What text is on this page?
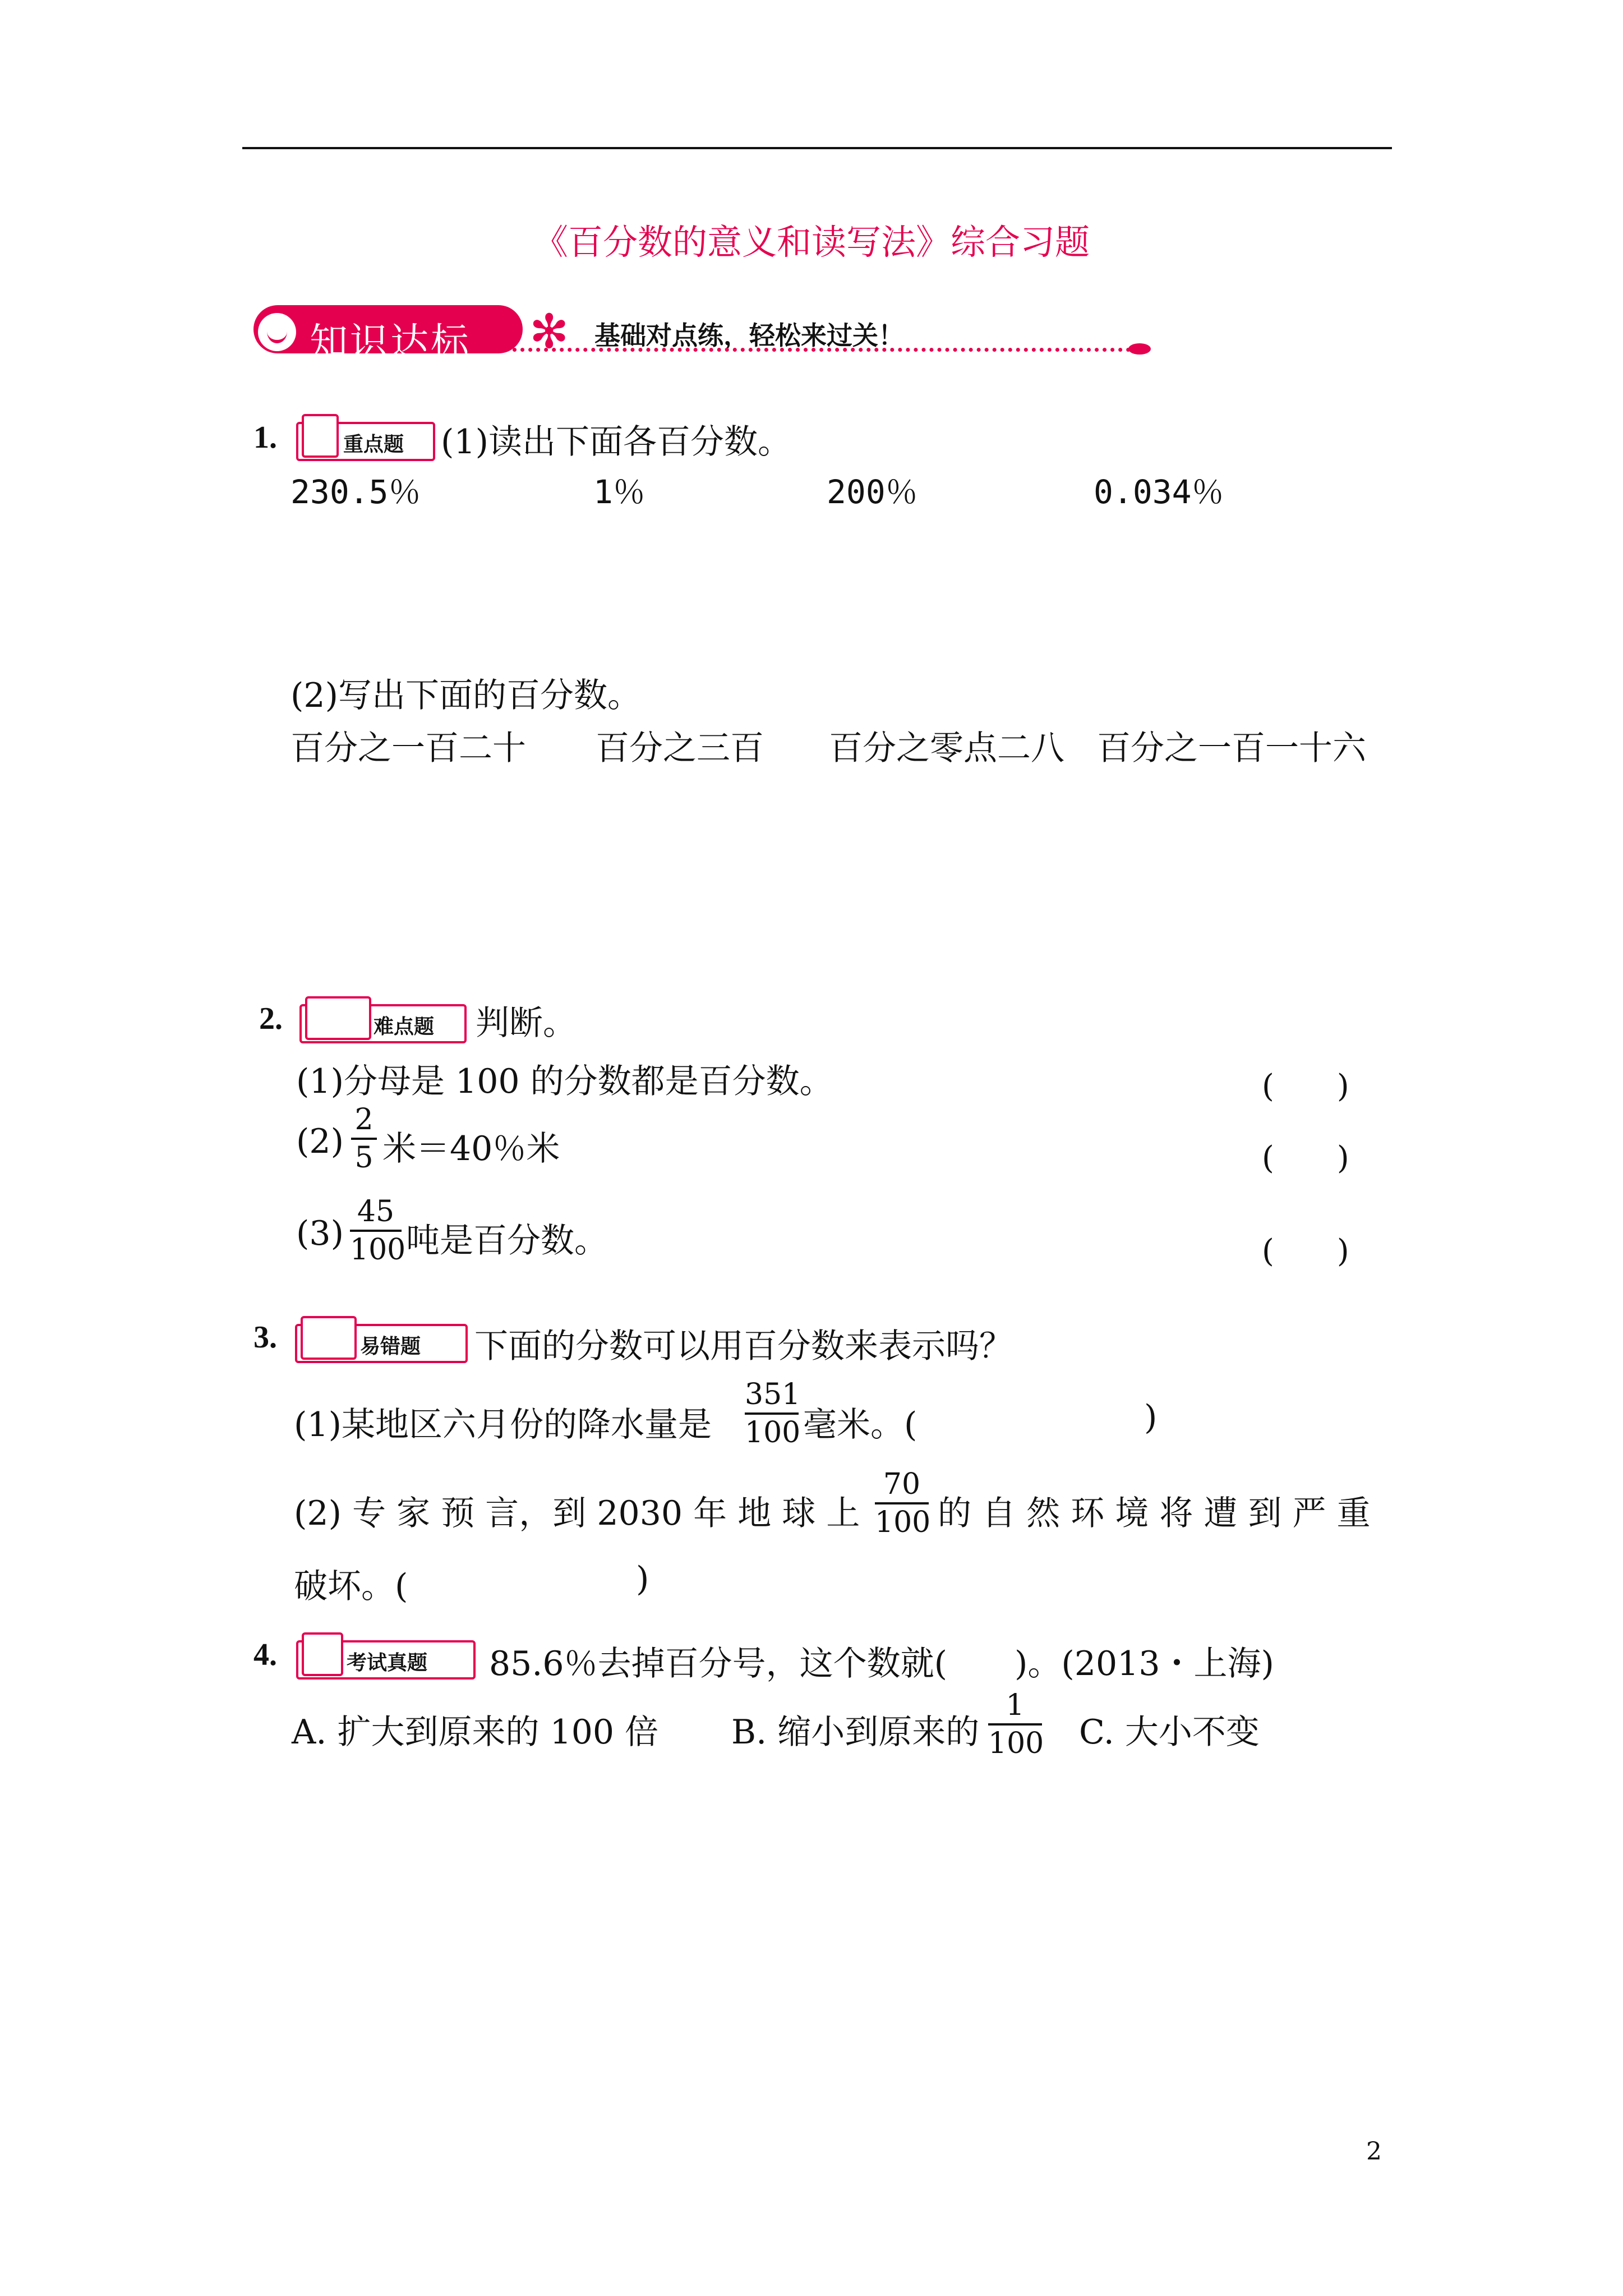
《百分数的意义和读写法》综合习题
知识达标 ✻ 基础对点练，轻松来过关！
1.	重点题 (1)读出下面各百分数。
230.5％	1％	200％	0.034％
(2)写出下面的百分数。
百分之一百二十 百分之三百 百分之零点二八 百分之一百一十六
2.	难点题 判断。
(1)分母是 100 的分数都是百分数。	(　　)
(2)
2
5 米＝40％米	(　　)
(3)
45
100 吨是百分数。	(　　)
3.	易错题 下面的分数可以用百分数来表示吗？
(1)某地区六月份的降水量是
351
100 毫米。(	)
(2) 专 家 预 言，到 2030 年 地 球 上
70
100 的 自 然 环 境 将 遭 到 严 重
破坏。(	)
4.	考试真题 85.6％去掉百分号，这个数就(　　)。(2013・上海)
A. 扩大到原来的 100 倍 B. 缩小到原来的
1
100 C. 大小不变
2
